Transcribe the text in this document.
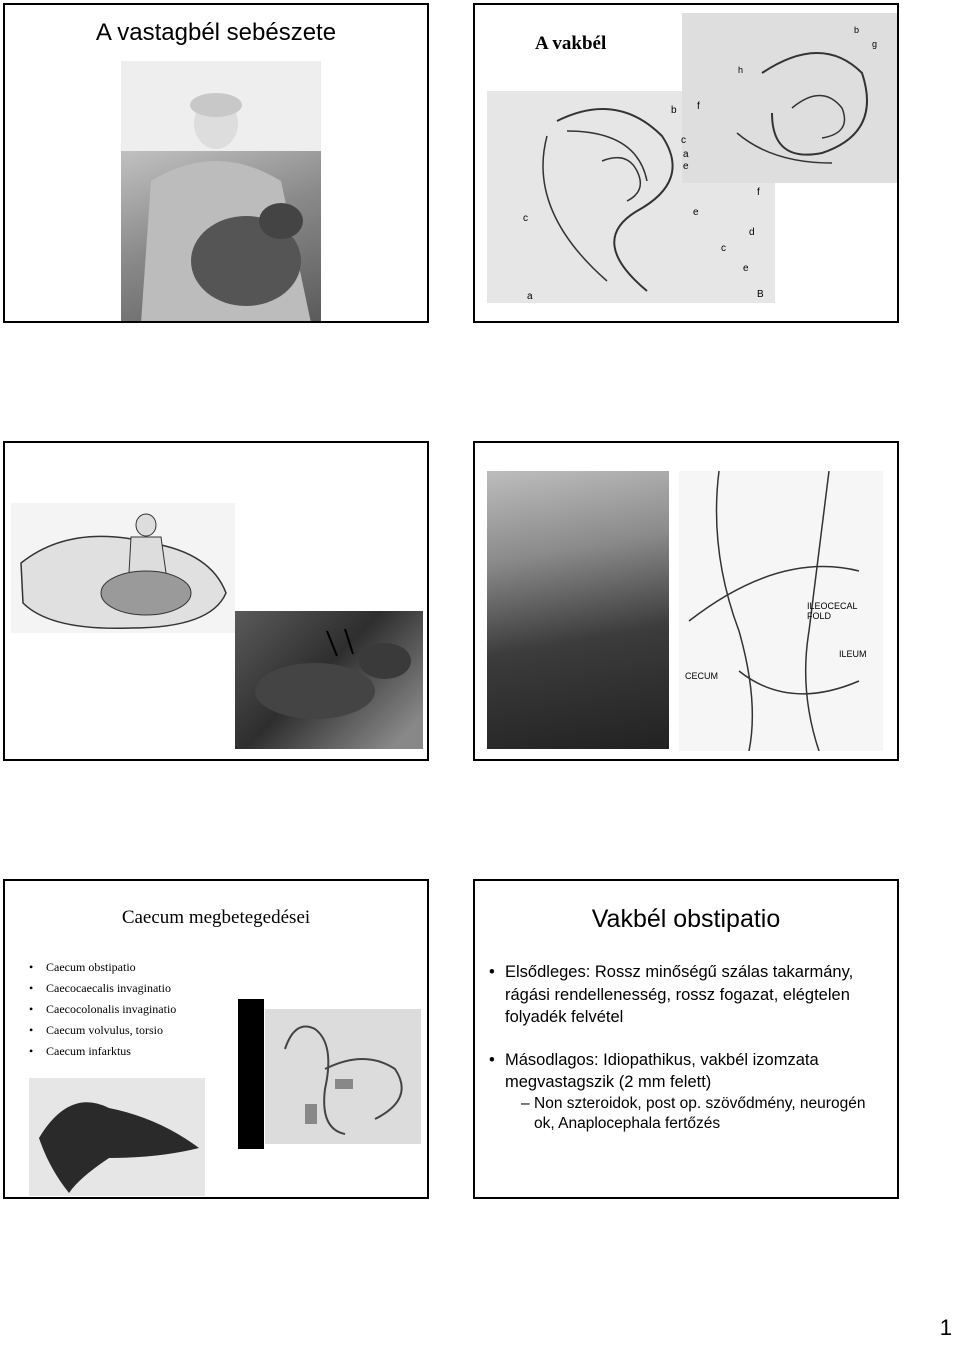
A vastagbél sebészete	A vakbél
c
e
d
c
e
B
a
f
h
b
g
b f
c
a
e
ILEOCECAL FOLD
ILEUM
CECUM
Caecum megbetegedései
• Caecum obstipatio
• Caecocaecalis invaginatio
• Caecocolonalis invaginatio
• Caecum volvulus, torsio
• Caecum infarktus
Vakbél obstipatio
• Elsődleges: Rossz minőségű szálas takarmány, rágási rendellenesség, rossz fogazat, elégtelen folyadék felvétel
• Másodlagos: Idiopathikus, vakbél izomzata megvastagszik (2 mm felett)
– Non szteroidok, post op. szövődmény, neurogén ok, Anaplocephala fertőzés
1
